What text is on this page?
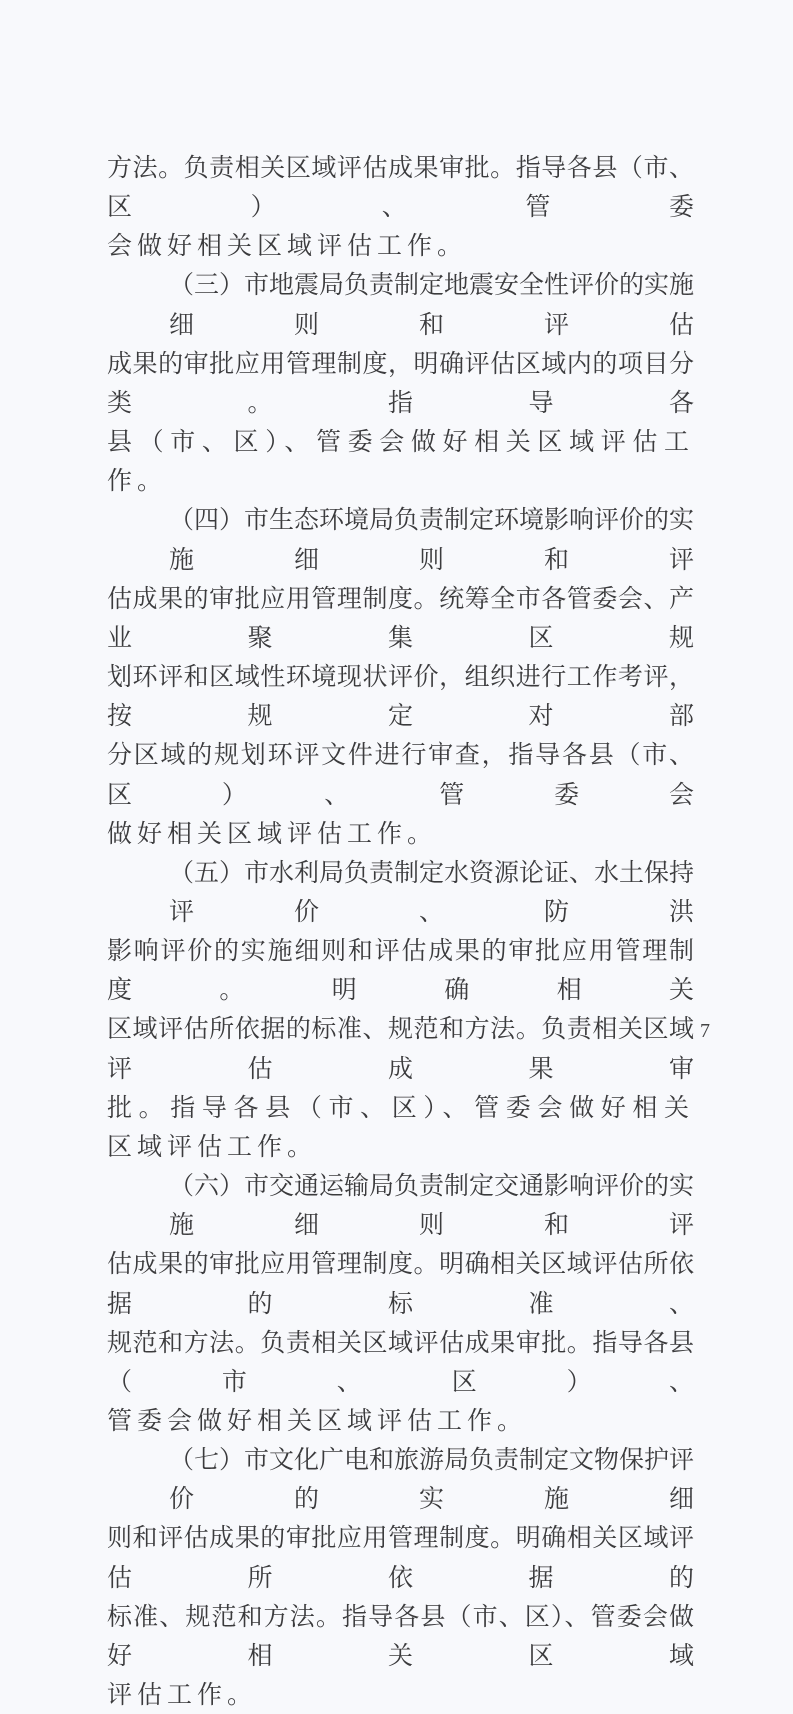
方法。负责相关区域评估成果审批。指导各县（市、区）、管委
会做好相关区域评估工作。
（三）市地震局负责制定地震安全性评价的实施细则和评估
成果的审批应用管理制度，明确评估区域内的项目分类。指导各
县（市、区）、管委会做好相关区域评估工作。
（四）市生态环境局负责制定环境影响评价的实施细则和评
估成果的审批应用管理制度。统筹全市各管委会、产业聚集区规
划环评和区域性环境现状评价，组织进行工作考评，按规定对部
分区域的规划环评文件进行审查，指导各县（市、区）、管委会
做好相关区域评估工作。
（五）市水利局负责制定水资源论证、水土保持评价、防洪
影响评价的实施细则和评估成果的审批应用管理制度。明确相关
区域评估所依据的标准、规范和方法。负责相关区域评估成果审
批。指导各县（市、区）、管委会做好相关区域评估工作。
（六）市交通运输局负责制定交通影响评价的实施细则和评
估成果的审批应用管理制度。明确相关区域评估所依据的标准、
规范和方法。负责相关区域评估成果审批。指导各县（市、区）、
管委会做好相关区域评估工作。
（七）市文化广电和旅游局负责制定文物保护评价的实施细
则和评估成果的审批应用管理制度。明确相关区域评估所依据的
标准、规范和方法。指导各县（市、区）、管委会做好相关区域
评估工作。
7
